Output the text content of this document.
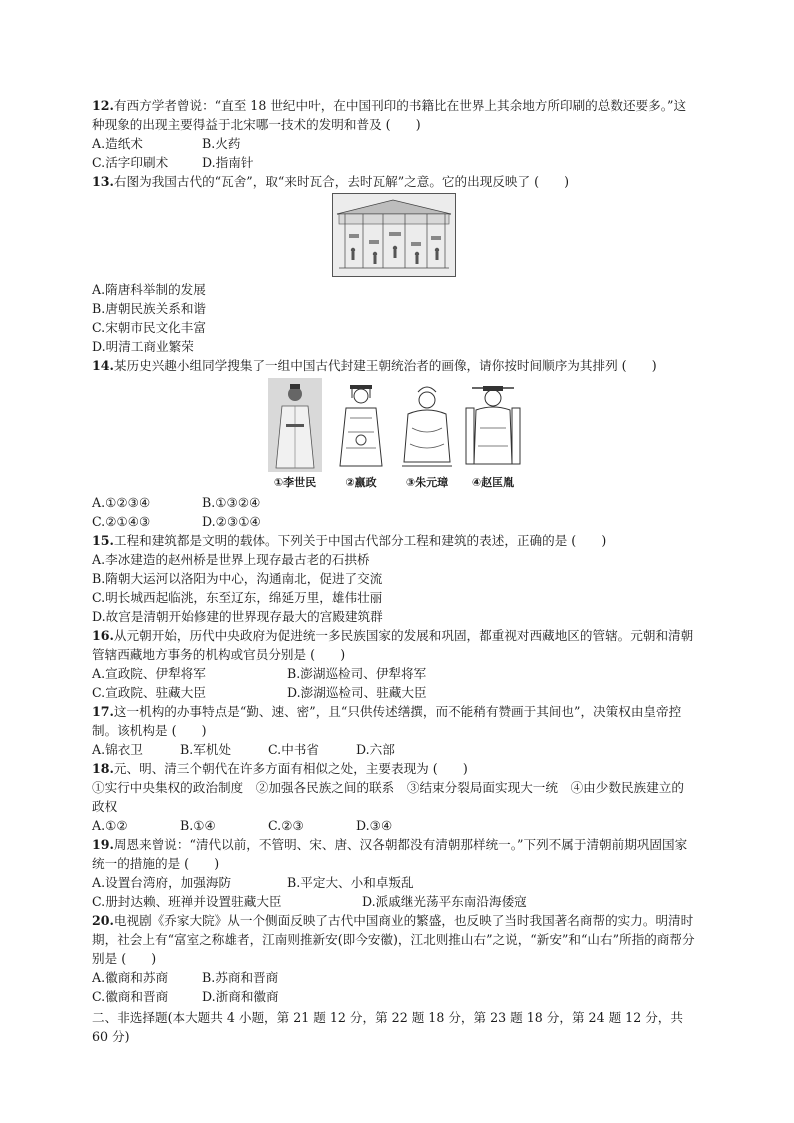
12.有西方学者曾说：“直至 18 世纪中叶，在中国刊印的书籍比在世界上其余地方所印刷的总数还要多。”这种现象的出现主要得益于北宋哪一技术的发明和普及 (　　)
A.造纸术	B.火药
C.活字印刷术	D.指南针
13.右图为我国古代的“瓦舍”，取“来时瓦合，去时瓦解”之意。它的出现反映了 (　　)
A.隋唐科举制的发展
B.唐朝民族关系和谐
C.宋朝市民文化丰富
D.明清工商业繁荣
14.某历史兴趣小组同学搜集了一组中国古代封建王朝统治者的画像，请你按时间顺序为其排列 (　　)
①李世民	②嬴政	③朱元璋 ④赵匡胤
A.①②③④	B.①③②④
C.②①④③	D.②③①④
15.工程和建筑都是文明的载体。下列关于中国古代部分工程和建筑的表述，正确的是 (　　)
A.李冰建造的赵州桥是世界上现存最古老的石拱桥
B.隋朝大运河以洛阳为中心，沟通南北，促进了交流
C.明长城西起临洮，东至辽东，绵延万里，雄伟壮丽
D.故宫是清朝开始修建的世界现存最大的宫殿建筑群
16.从元朝开始，历代中央政府为促进统一多民族国家的发展和巩固，都重视对西藏地区的管辖。元朝和清朝管辖西藏地方事务的机构或官员分别是 (　　)
A.宣政院、伊犁将军	B.澎湖巡检司、伊犁将军
C.宣政院、驻藏大臣	D.澎湖巡检司、驻藏大臣
17.这一机构的办事特点是“勤、速、密”，且“只供传述缮撰，而不能稍有赞画于其间也”，决策权由皇帝控制。该机构是 (　　)
A.锦衣卫	B.军机处	C.中书省	D.六部
18.元、明、清三个朝代在许多方面有相似之处，主要表现为 (　　)
①实行中央集权的政治制度　②加强各民族之间的联系　③结束分裂局面实现大一统　④由少数民族建立的政权
A.①②	B.①④	C.②③	D.③④
19.周恩来曾说：“清代以前，不管明、宋、唐、汉各朝都没有清朝那样统一。”下列不属于清朝前期巩固国家统一的措施的是 (　　)
A.设置台湾府，加强海防	B.平定大、小和卓叛乱
C.册封达赖、班禅并设置驻藏大臣	D.派戚继光荡平东南沿海倭寇
20.电视剧《乔家大院》从一个侧面反映了古代中国商业的繁盛，也反映了当时我国著名商帮的实力。明清时期，社会上有“富室之称雄者，江南则推新安(即今安徽)，江北则推山右”之说，“新安”和“山右”所指的商帮分别是 (　　)
A.徽商和苏商	B.苏商和晋商
C.徽商和晋商	D.浙商和徽商
二、非选择题(本大题共 4 小题，第 21 题 12 分，第 22 题 18 分，第 23 题 18 分，第 24 题 12 分，共 60 分)
